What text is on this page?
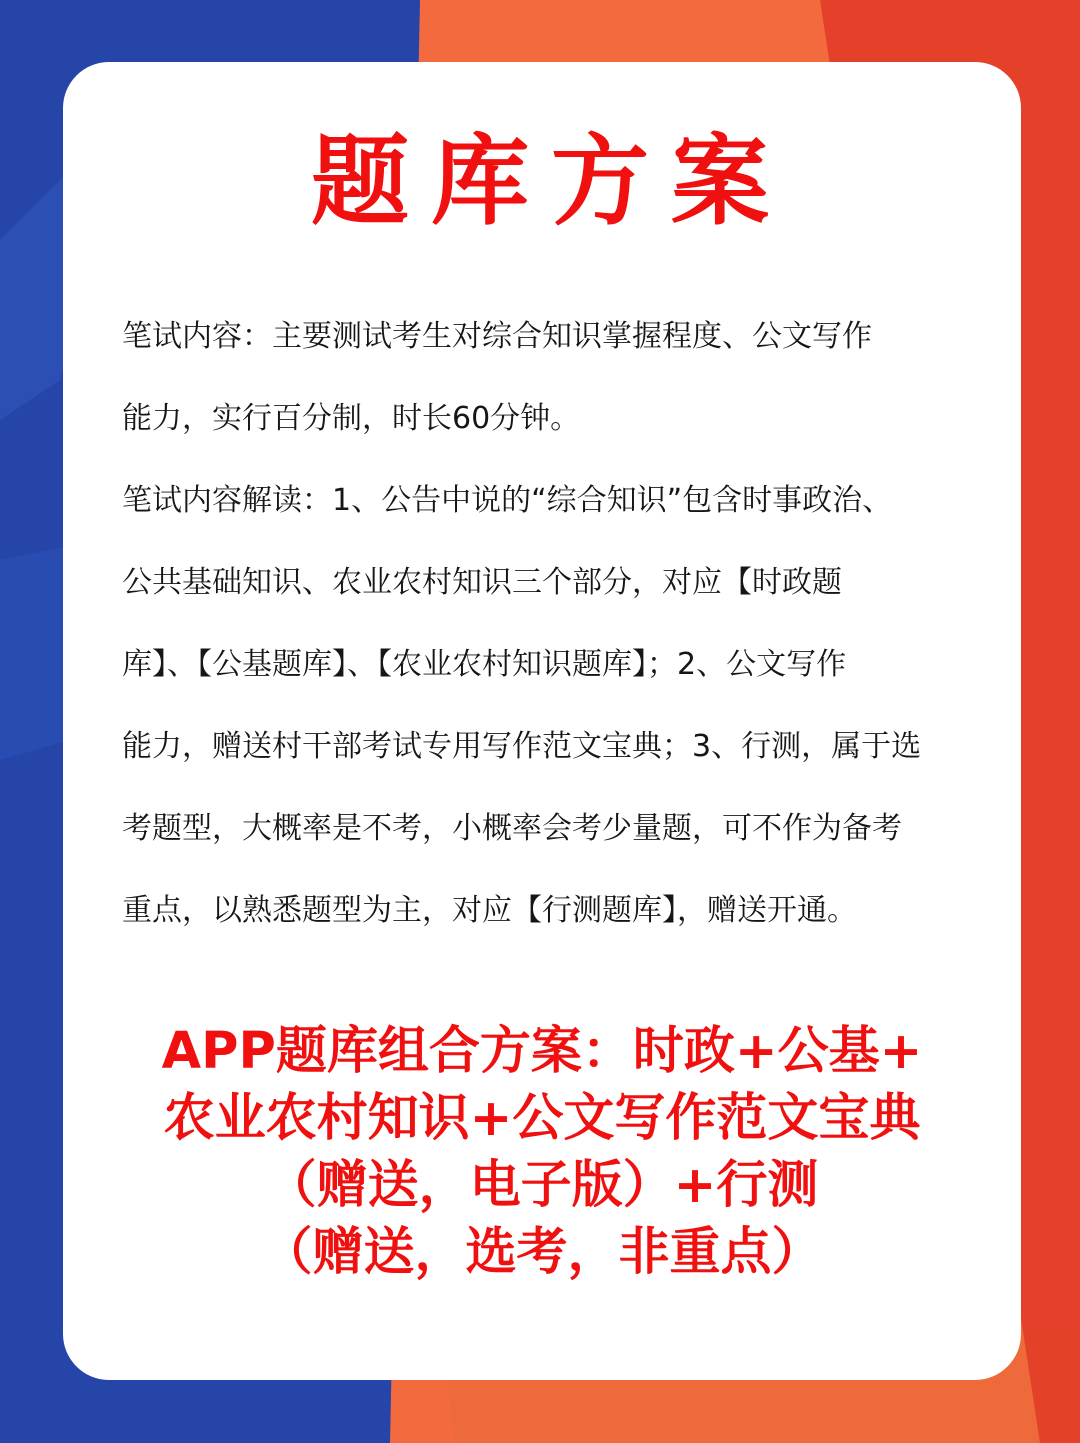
题库方案
笔试内容：主要测试考生对综合知识掌握程度、公文写作
能力，实行百分制，时长60分钟。
笔试内容解读：1、公告中说的“综合知识”包含时事政治、
公共基础知识、农业农村知识三个部分，对应【时政题
库】、【公基题库】、【农业农村知识题库】；2、公文写作
能力，赠送村干部考试专用写作范文宝典；3、行测，属于选
考题型，大概率是不考，小概率会考少量题，可不作为备考
重点，以熟悉题型为主，对应【行测题库】，赠送开通。
APP题库组合方案：时政+公基+
农业农村知识+公文写作范文宝典
（赠送，电子版）+行测
（赠送，选考，非重点）
